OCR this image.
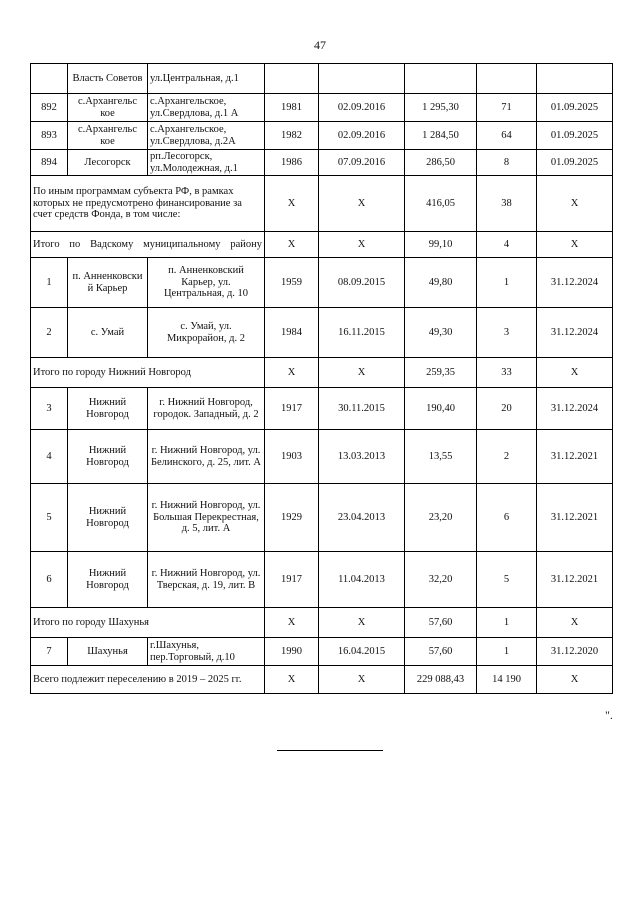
47
	Власть Советов	ул.Центральная, д.1					
892	с.Архангельс кое	с.Архангельское, ул.Свердлова, д.1 А	1981	02.09.2016	1 295,30	71	01.09.2025
893	с.Архангельс кое	с.Архангельское, ул.Свердлова, д.2А	1982	02.09.2016	1 284,50	64	01.09.2025
894	Лесогорск	рп.Лесогорск, ул.Молодежная, д.1	1986	07.09.2016	286,50	8	01.09.2025
По иным программам субъекта РФ, в рамках которых не предусмотрено финансирование за счет средств Фонда, в том числе:			X	X	416,05	38	X
Итого по Вадскому муниципальному району			X	X	99,10	4	X
1	п. Анненковски й Карьер	п. Анненковский Карьер, ул. Центральная, д. 10	1959	08.09.2015	49,80	1	31.12.2024
2	с. Умай	с. Умай, ул. Микрорайон, д. 2	1984	16.11.2015	49,30	3	31.12.2024
Итого по городу Нижний Новгород			X	X	259,35	33	X
3	Нижний Новгород	г. Нижний Новгород, городок. Западный, д. 2	1917	30.11.2015	190,40	20	31.12.2024
4	Нижний Новгород	г. Нижний Новгород, ул. Белинского, д. 25, лит. А	1903	13.03.2013	13,55	2	31.12.2021
5	Нижний Новгород	г. Нижний Новгород, ул. Большая Перекрестная, д. 5, лит. А	1929	23.04.2013	23,20	6	31.12.2021
6	Нижний Новгород	г. Нижний Новгород, ул. Тверская, д. 19, лит. В	1917	11.04.2013	32,20	5	31.12.2021
Итого по городу Шахунья			X	X	57,60	1	X
7	Шахунья	г.Шахунья, пер.Торговый, д.10	1990	16.04.2015	57,60	1	31.12.2020
Всего подлежит переселению в 2019 – 2025 гг.			X	X	229 088,43	14 190	X
".
